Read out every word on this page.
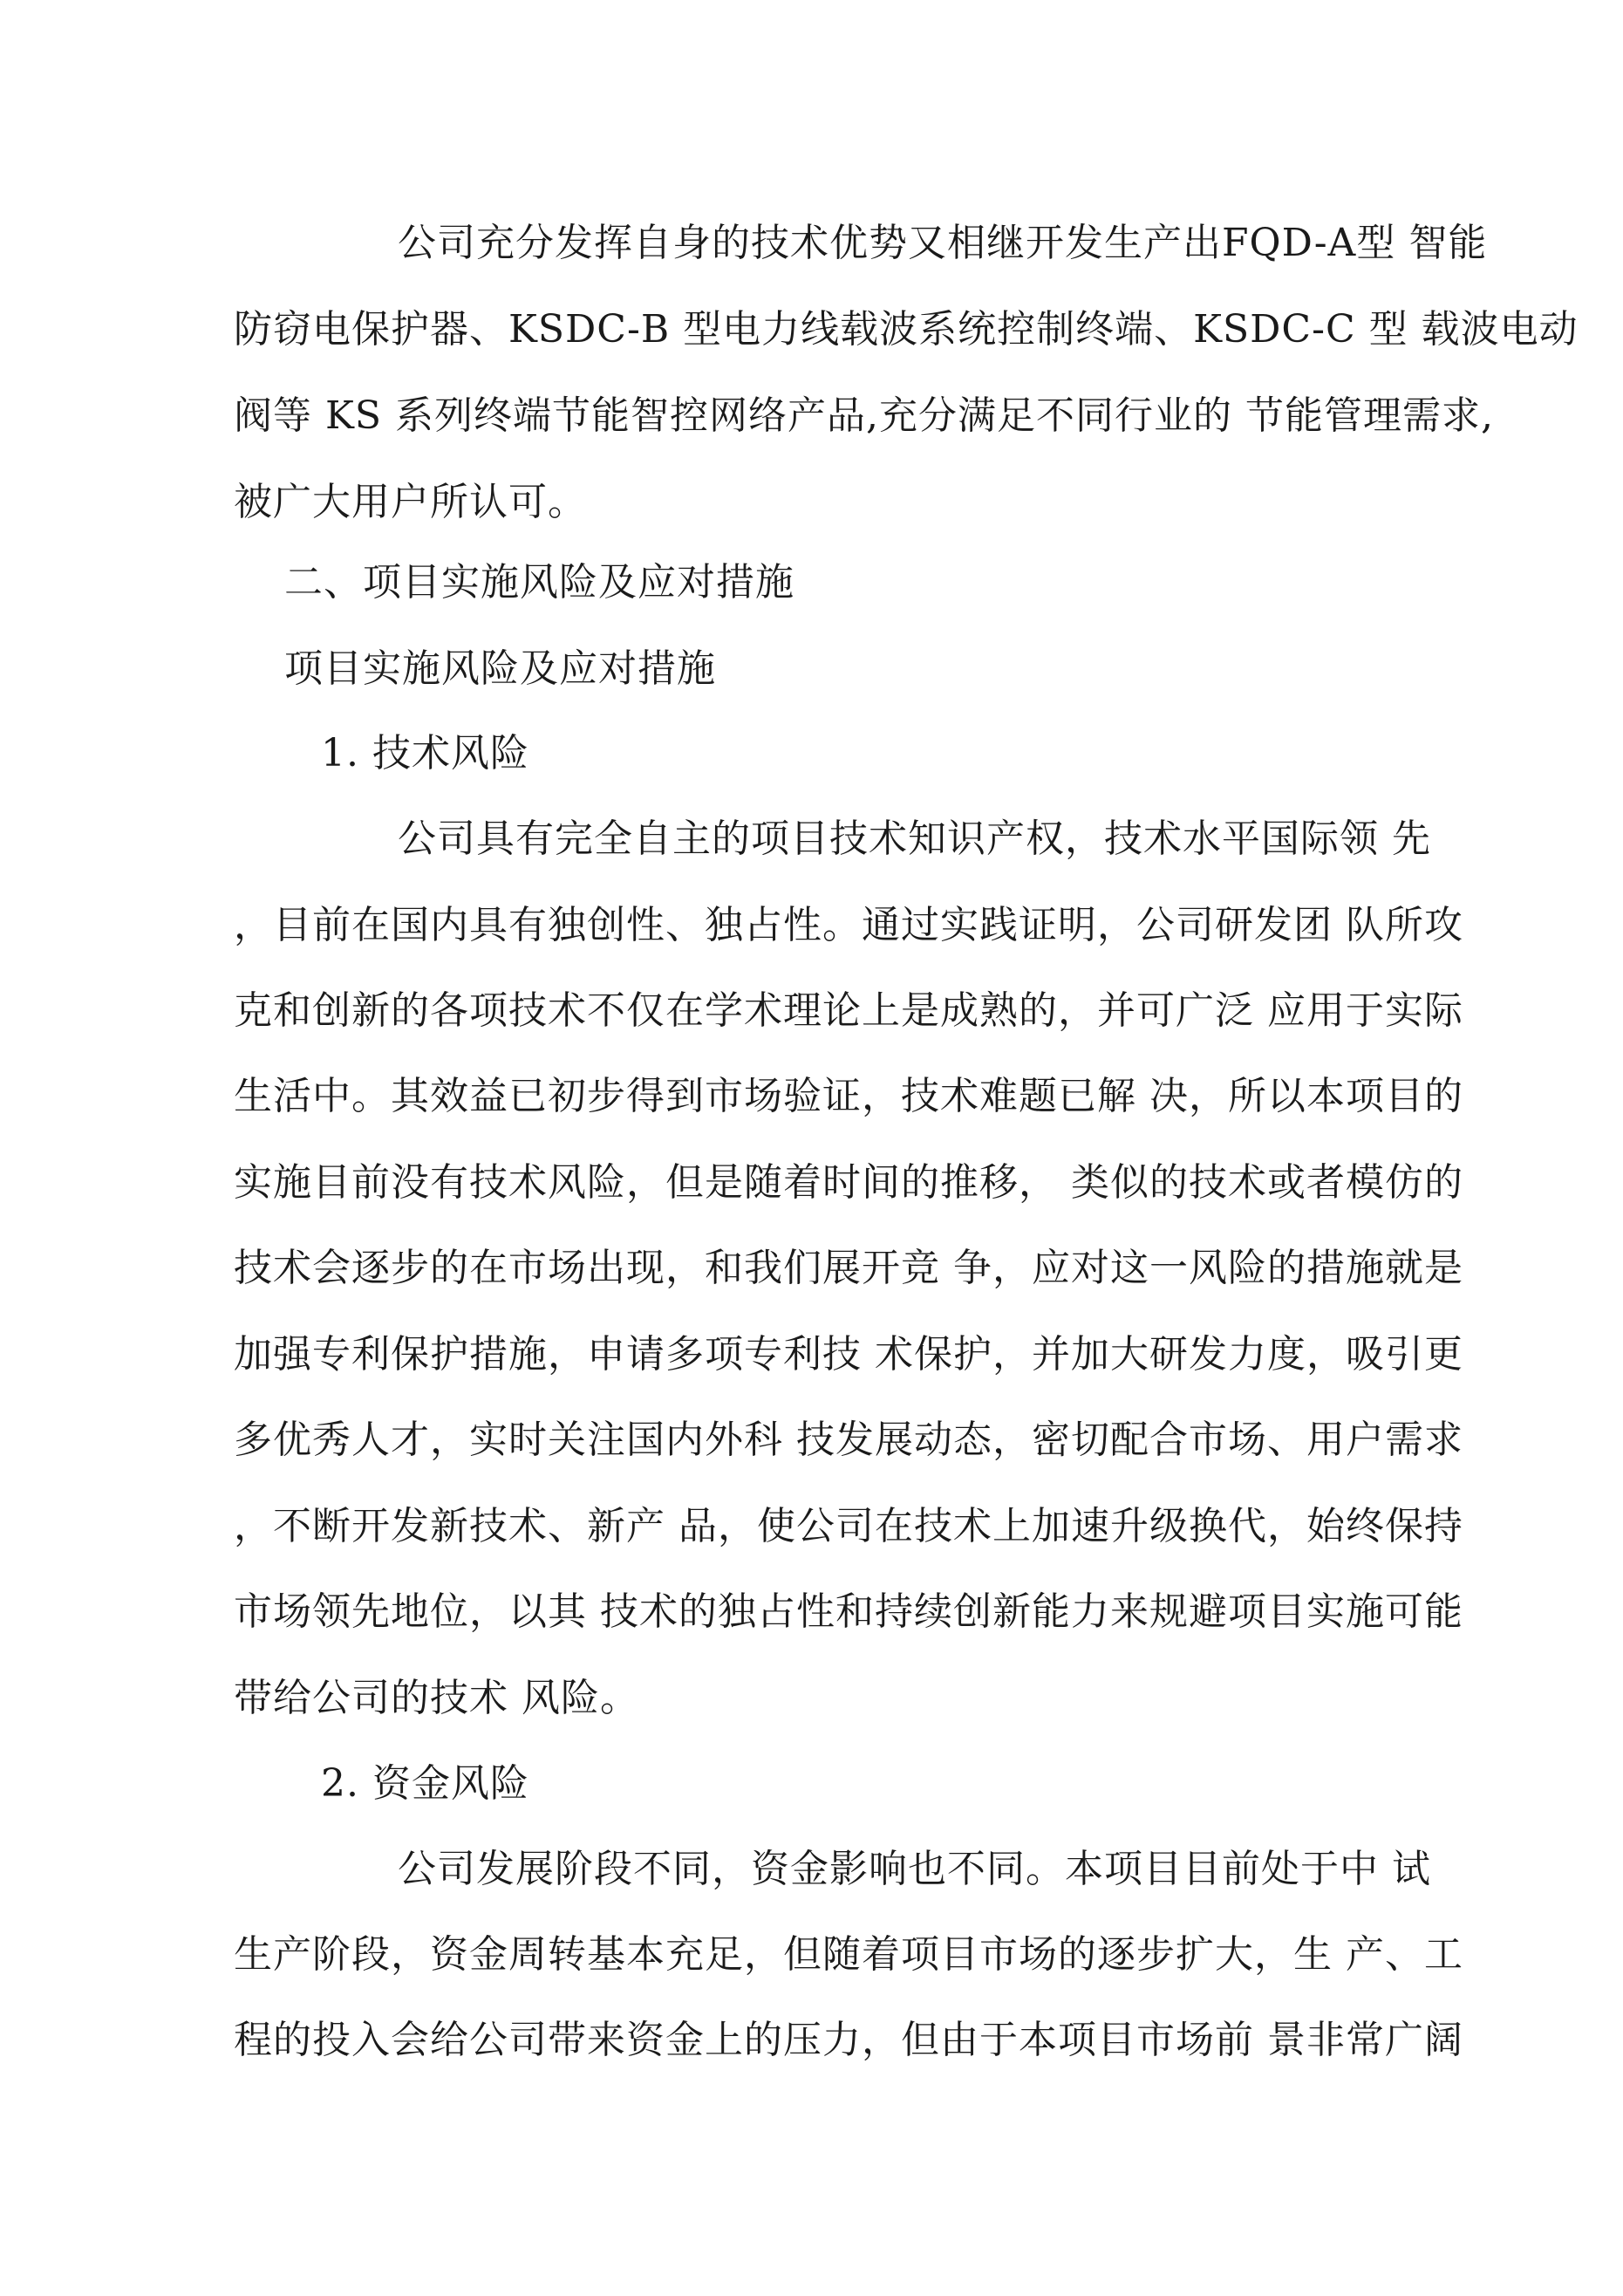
公司充分发挥自身的技术优势又相继开发生产出FQD-A型 智能

防窃电保护器、KSDC-B 型电力线载波系统控制终端、KSDC-C 型 载波电动

阀等 KS 系列终端节能智控网络产品,充分满足不同行业的 节能管理需求,

被广大用户所认可。

二、项目实施风险及应对措施

项目实施风险及应对措施

1. 技术风险

公司具有完全自主的项目技术知识产权，技术水平国际领 先

，目前在国内具有独创性、独占性。通过实践证明，公司研发团 队所攻

克和创新的各项技术不仅在学术理论上是成熟的，并可广泛 应用于实际

生活中。其效益已初步得到市场验证，技术难题已解 决，所以本项目的

实施目前没有技术风险，但是随着时间的推移， 类似的技术或者模仿的

技术会逐步的在市场出现，和我们展开竞 争，应对这一风险的措施就是

加强专利保护措施，申请多项专利技 术保护，并加大研发力度，吸引更

多优秀人才，实时关注国内外科 技发展动态，密切配合市场、用户需求

，不断开发新技术、新产 品，使公司在技术上加速升级换代，始终保持

市场领先地位，以其 技术的独占性和持续创新能力来规避项目实施可能

带给公司的技术 风险。

2. 资金风险

公司发展阶段不同，资金影响也不同。本项目目前处于中 试

生产阶段，资金周转基本充足，但随着项目市场的逐步扩大，生 产、工

程的投入会给公司带来资金上的压力，但由于本项目市场前 景非常广阔
